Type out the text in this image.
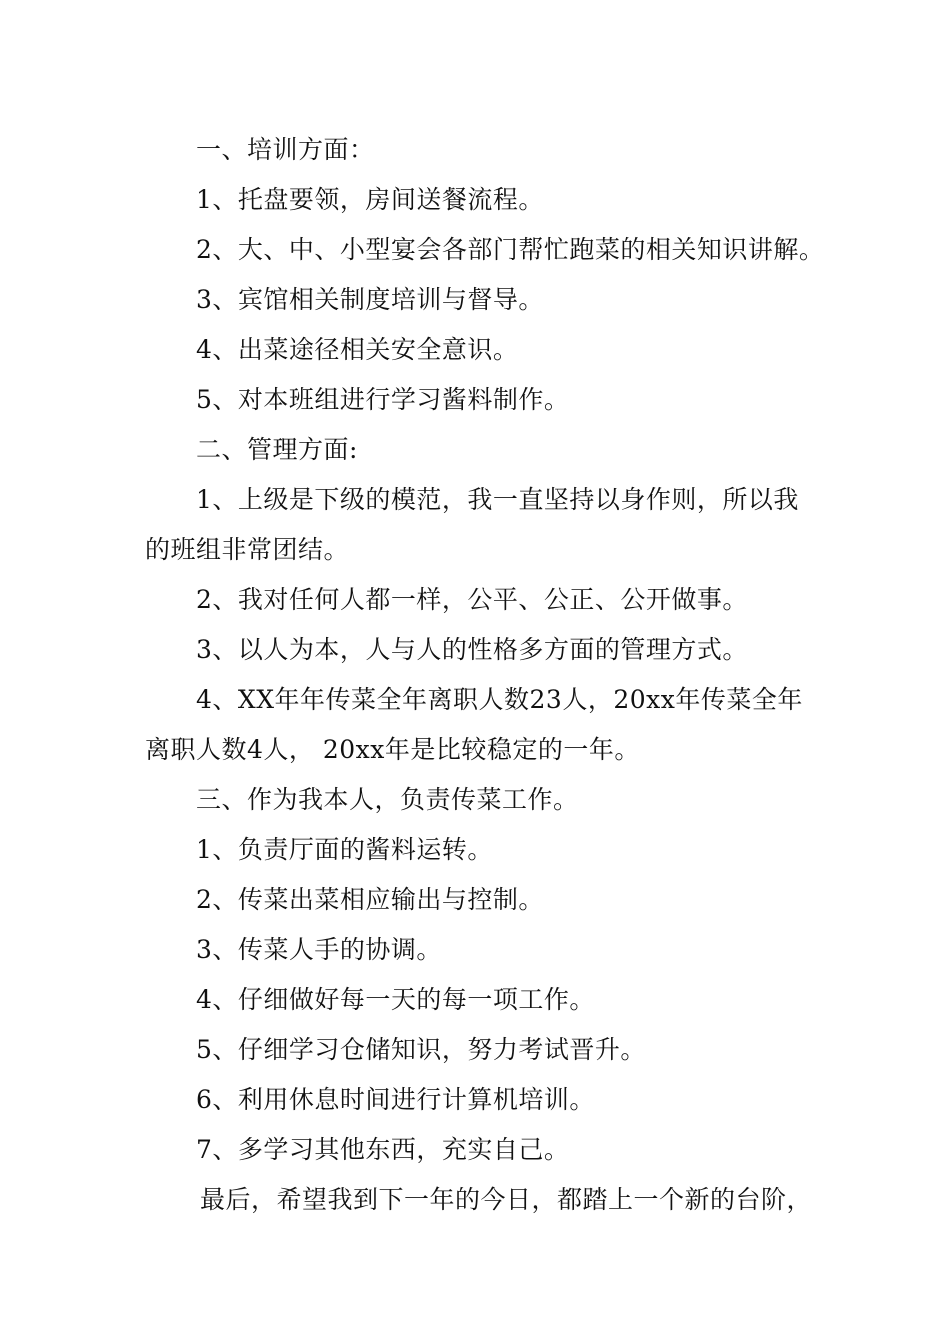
一、培训方面：
1、托盘要领，房间送餐流程。
2、大、中、小型宴会各部门帮忙跑菜的相关知识讲解。
3、宾馆相关制度培训与督导。
4、出菜途径相关安全意识。
5、对本班组进行学习酱料制作。
二、管理方面:
1、上级是下级的模范，我一直坚持以身作则，所以我
的班组非常团结。
2、我对任何人都一样，公平、公正、公开做事。
3、以人为本，人与人的性格多方面的管理方式。
4、XX年年传菜全年离职人数23人，20xx年传菜全年
离职人数4人， 20xx年是比较稳定的一年。
三、作为我本人，负责传菜工作。
1、负责厅面的酱料运转。
2、传菜出菜相应输出与控制。
3、传菜人手的协调。
4、仔细做好每一天的每一项工作。
5、仔细学习仓储知识，努力考试晋升。
6、利用休息时间进行计算机培训。
7、多学习其他东西，充实自己。
最后，希望我到下一年的今日，都踏上一个新的台阶，
